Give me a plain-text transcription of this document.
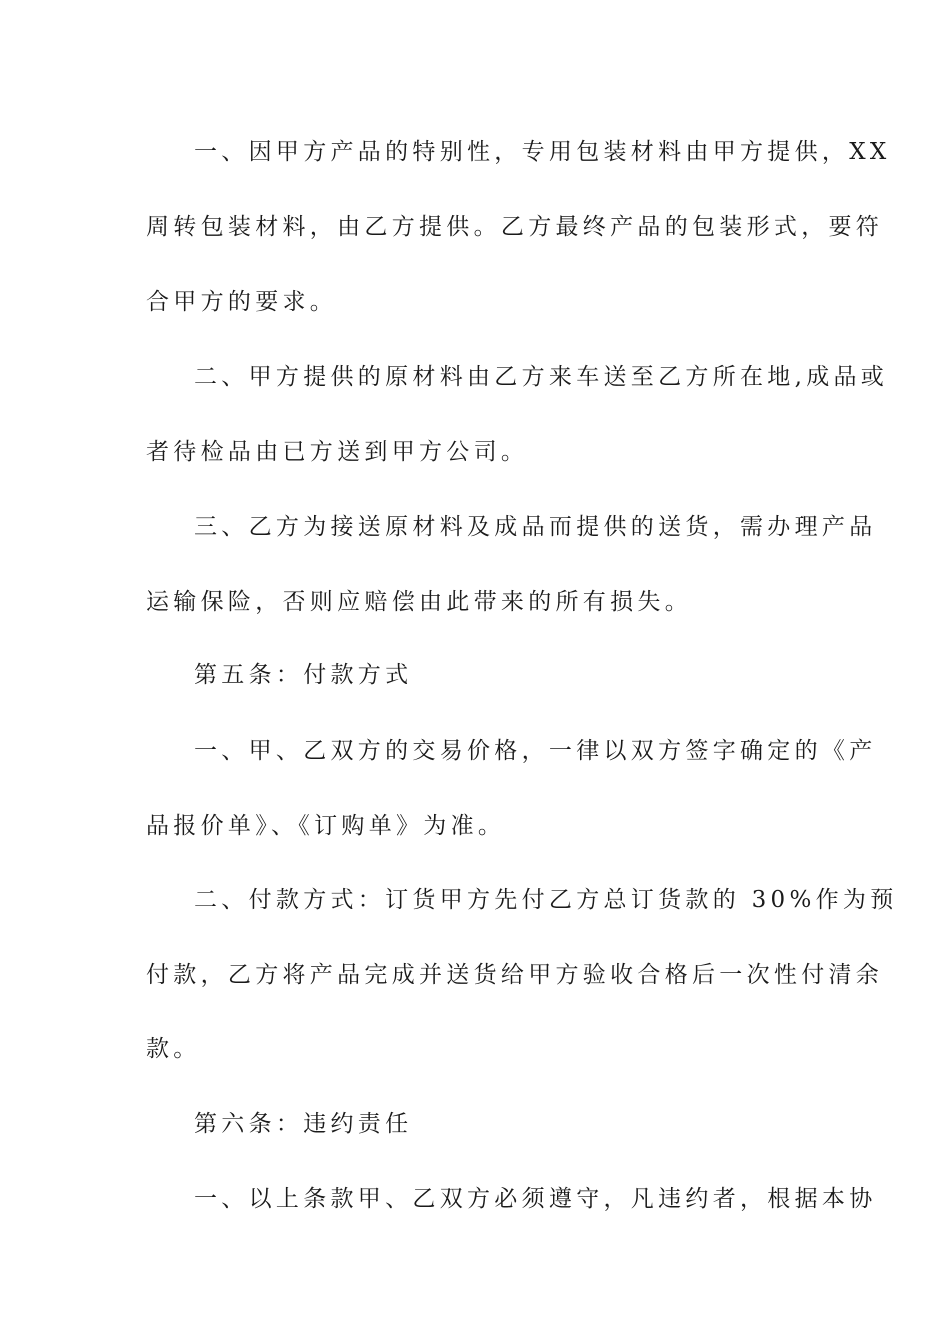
一、因甲方产品的特别性，专用包装材料由甲方提供，XX
周转包装材料，由乙方提供。乙方最终产品的包装形式，要符
合甲方的要求。
二、甲方提供的原材料由乙方来车送至乙方所在地,成品或
者待检品由已方送到甲方公司。
三、乙方为接送原材料及成品而提供的送货，需办理产品
运输保险，否则应赔偿由此带来的所有损失。
第五条：付款方式
一、甲、乙双方的交易价格，一律以双方签字确定的《产
品报价单》、《订购单》为准。
二、付款方式：订货甲方先付乙方总订货款的 30%作为预
付款，乙方将产品完成并送货给甲方验收合格后一次性付清余
款。
第六条：违约责任
一、以上条款甲、乙双方必须遵守，凡违约者，根据本协
